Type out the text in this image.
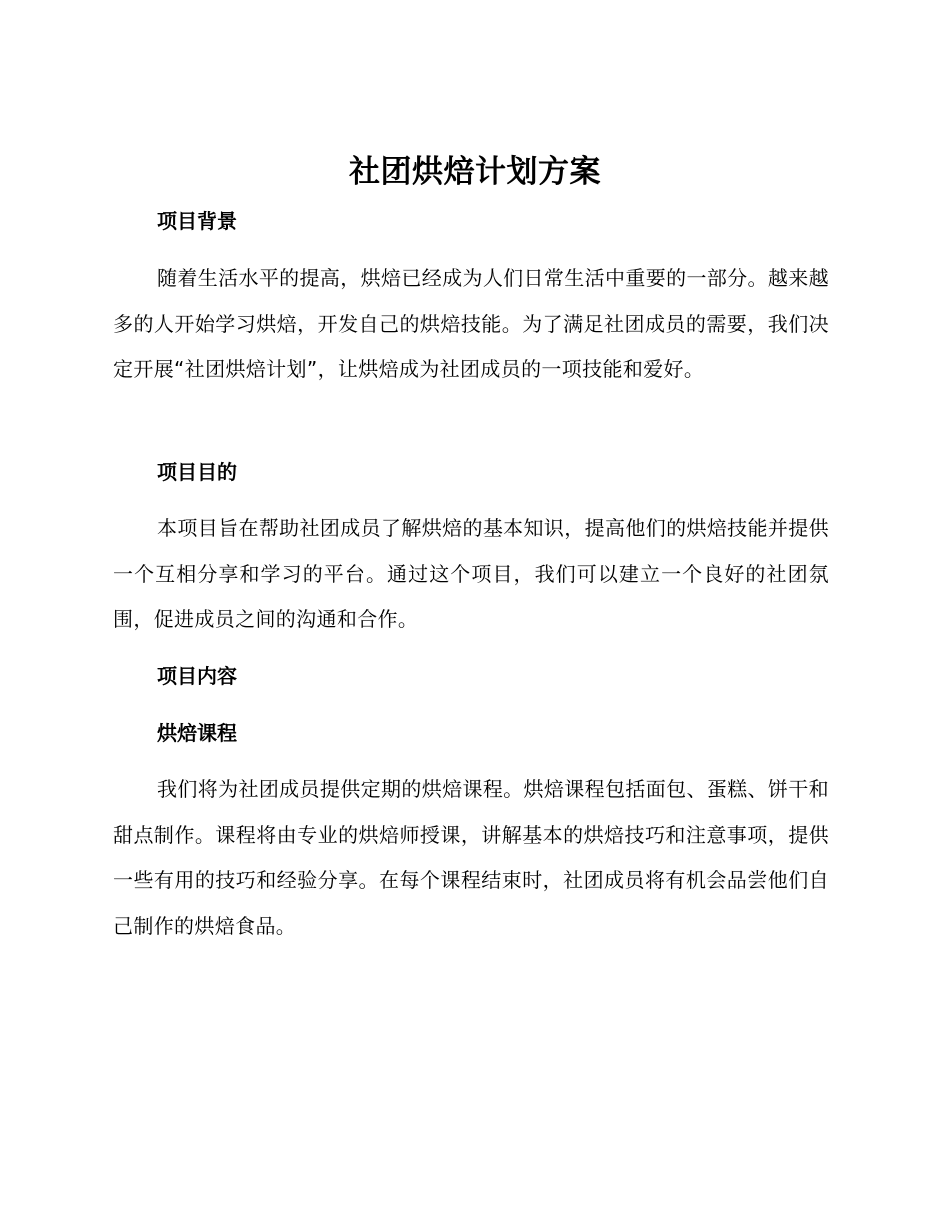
社团烘焙计划方案
项目背景
随着生活水平的提高，烘焙已经成为人们日常生活中重要的一部分。越来越多的人开始学习烘焙，开发自己的烘焙技能。为了满足社团成员的需要，我们决定开展“社团烘焙计划”，让烘焙成为社团成员的一项技能和爱好。
项目目的
本项目旨在帮助社团成员了解烘焙的基本知识，提高他们的烘焙技能并提供一个互相分享和学习的平台。通过这个项目，我们可以建立一个良好的社团氛围，促进成员之间的沟通和合作。
项目内容
烘焙课程
我们将为社团成员提供定期的烘焙课程。烘焙课程包括面包、蛋糕、饼干和甜点制作。课程将由专业的烘焙师授课，讲解基本的烘焙技巧和注意事项，提供一些有用的技巧和经验分享。在每个课程结束时，社团成员将有机会品尝他们自己制作的烘焙食品。
